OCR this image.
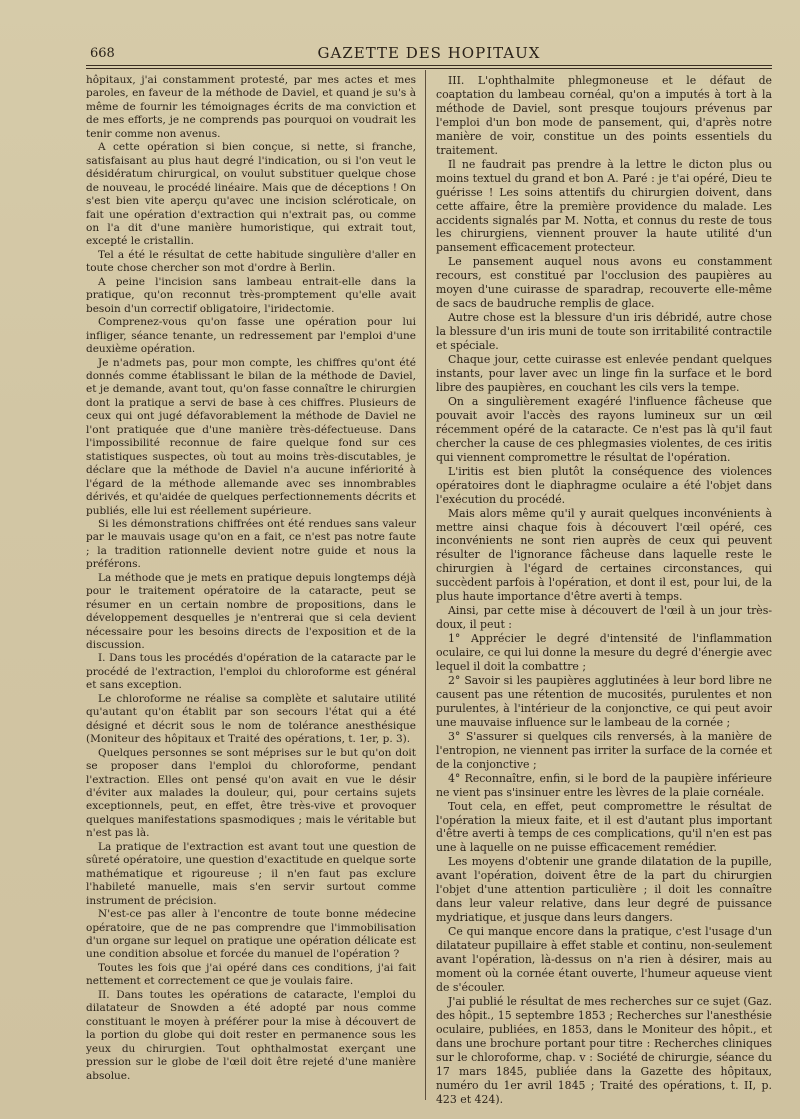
668	GAZETTE DES HOPITAUX

hôpitaux, j'ai constamment protesté, par mes actes et mes paroles, en faveur de la méthode de Daviel, et quand je su's à même de fournir les témoignages écrits de ma conviction et de mes efforts, je ne comprends pas pourquoi on voudrait les tenir comme non avenus.

A cette opération si bien conçue, si nette, si franche, satisfaisant au plus haut degré l'indication, ou si l'on veut le désidératum chirurgical, on voulut substituer quelque chose de nouveau, le procédé linéaire. Mais que de déceptions ! On s'est bien vite aperçu qu'avec une incision scléroticale, on fait une opération d'extraction qui n'extrait pas, ou comme on l'a dit d'une manière humoristique, qui extrait tout, excepté le cristallin.

Tel a été le résultat de cette habitude singulière d'aller en toute chose chercher son mot d'ordre à Berlin.

A peine l'incision sans lambeau entrait-elle dans la pratique, qu'on reconnut très-promptement qu'elle avait besoin d'un correctif obligatoire, l'iridectomie.

Comprenez-vous qu'on fasse une opération pour lui infliger, séance tenante, un redressement par l'emploi d'une deuxième opération.

Je n'admets pas, pour mon compte, les chiffres qu'ont été donnés comme établissant le bilan de la méthode de Daviel, et je demande, avant tout, qu'on fasse connaître le chirurgien dont la pratique a servi de base à ces chiffres. Plusieurs de ceux qui ont jugé défavorablement la méthode de Daviel ne l'ont pratiquée que d'une manière très-défectueuse. Dans l'impossibilité reconnue de faire quelque fond sur ces statistiques suspectes, où tout au moins très-discutables, je déclare que la méthode de Daviel n'a aucune infériorité à l'égard de la méthode allemande avec ses innombrables dérivés, et qu'aidée de quelques perfectionnements décrits et publiés, elle lui est réellement supérieure.

Si les démonstrations chiffrées ont été rendues sans valeur par le mauvais usage qu'on en a fait, ce n'est pas notre faute ; la tradition rationnelle devient notre guide et nous la préférons.

La méthode que je mets en pratique depuis longtemps déjà pour le traitement opératoire de la cataracte, peut se résumer en un certain nombre de propositions, dans le développement desquelles je n'entrerai que si cela devient nécessaire pour les besoins directs de l'exposition et de la discussion.

I. Dans tous les procédés d'opération de la cataracte par le procédé de l'extraction, l'emploi du chloroforme est général et sans exception.

Le chloroforme ne réalise sa complète et salutaire utilité qu'autant qu'on établit par son secours l'état qui a été désigné et décrit sous le nom de tolérance anesthésique (Moniteur des hôpitaux et Traité des opérations, t. 1er, p. 3).

Quelques personnes se sont méprises sur le but qu'on doit se proposer dans l'emploi du chloroforme, pendant l'extraction. Elles ont pensé qu'on avait en vue le désir d'éviter aux malades la douleur, qui, pour certains sujets exceptionnels, peut, en effet, être très-vive et provoquer quelques manifestations spasmodiques ; mais le véritable but n'est pas là.

La pratique de l'extraction est avant tout une question de sûreté opératoire, une question d'exactitude en quelque sorte mathématique et rigoureuse ; il n'en faut pas exclure l'habileté manuelle, mais s'en servir surtout comme instrument de précision.

N'est-ce pas aller à l'encontre de toute bonne médecine opératoire, que de ne pas comprendre que l'immobilisation d'un organe sur lequel on pratique une opération délicate est une condition absolue et forcée du manuel de l'opération ?

Toutes les fois que j'ai opéré dans ces conditions, j'ai fait nettement et correctement ce que je voulais faire.

II. Dans toutes les opérations de cataracte, l'emploi du dilatateur de Snowden a été adopté par nous comme constituant le moyen à préférer pour la mise à découvert de la portion du globe qui doit rester en permanence sous les yeux du chirurgien. Tout ophthalmostat exerçant une pression sur le globe de l'œil doit être rejeté d'une manière absolue.

III. L'ophthalmite phlegmoneuse et le défaut de coaptation du lambeau cornéal, qu'on a imputés à tort à la méthode de Daviel, sont presque toujours prévenus par l'emploi d'un bon mode de pansement, qui, d'après notre manière de voir, constitue un des points essentiels du traitement.

Il ne faudrait pas prendre à la lettre le dicton plus ou moins textuel du grand et bon A. Paré : je t'ai opéré, Dieu te guérisse ! Les soins attentifs du chirurgien doivent, dans cette affaire, être la première providence du malade. Les accidents signalés par M. Notta, et connus du reste de tous les chirurgiens, viennent prouver la haute utilité d'un pansement efficacement protecteur.

Le pansement auquel nous avons eu constamment recours, est constitué par l'occlusion des paupières au moyen d'une cuirasse de sparadrap, recouverte elle-même de sacs de baudruche remplis de glace.

Autre chose est la blessure d'un iris débridé, autre chose la blessure d'un iris muni de toute son irritabilité contractile et spéciale.

Chaque jour, cette cuirasse est enlevée pendant quelques instants, pour laver avec un linge fin la surface et le bord libre des paupières, en couchant les cils vers la tempe.

On a singulièrement exagéré l'influence fâcheuse que pouvait avoir l'accès des rayons lumineux sur un œil récemment opéré de la cataracte. Ce n'est pas là qu'il faut chercher la cause de ces phlegmasies violentes, de ces iritis qui viennent compromettre le résultat de l'opération.

L'iritis est bien plutôt la conséquence des violences opératoires dont le diaphragme oculaire a été l'objet dans l'exécution du procédé.

Mais alors même qu'il y aurait quelques inconvénients à mettre ainsi chaque fois à découvert l'œil opéré, ces inconvénients ne sont rien auprès de ceux qui peuvent résulter de l'ignorance fâcheuse dans laquelle reste le chirurgien à l'égard de certaines circonstances, qui succèdent parfois à l'opération, et dont il est, pour lui, de la plus haute importance d'être averti à temps.

Ainsi, par cette mise à découvert de l'œil à un jour très-doux, il peut :

1° Apprécier le degré d'intensité de l'inflammation oculaire, ce qui lui donne la mesure du degré d'énergie avec lequel il doit la combattre ;

2° Savoir si les paupières agglutinées à leur bord libre ne causent pas une rétention de mucosités, purulentes et non purulentes, à l'intérieur de la conjonctive, ce qui peut avoir une mauvaise influence sur le lambeau de la cornée ;

3° S'assurer si quelques cils renversés, à la manière de l'entropion, ne viennent pas irriter la surface de la cornée et de la conjonctive ;

4° Reconnaître, enfin, si le bord de la paupière inférieure ne vient pas s'insinuer entre les lèvres de la plaie cornéale.

Tout cela, en effet, peut compromettre le résultat de l'opération la mieux faite, et il est d'autant plus important d'être averti à temps de ces complications, qu'il n'en est pas une à laquelle on ne puisse efficacement remédier.

Les moyens d'obtenir une grande dilatation de la pupille, avant l'opération, doivent être de la part du chirurgien l'objet d'une attention particulière ; il doit les connaître dans leur valeur relative, dans leur degré de puissance mydriatique, et jusque dans leurs dangers.

Ce qui manque encore dans la pratique, c'est l'usage d'un dilatateur pupillaire à effet stable et continu, non-seulement avant l'opération, là-dessus on n'a rien à désirer, mais au moment où la cornée étant ouverte, l'humeur aqueuse vient de s'écouler.

J'ai publié le résultat de mes recherches sur ce sujet (Gaz. des hôpit., 15 septembre 1853 ; Recherches sur l'anesthésie oculaire, publiées, en 1853, dans le Moniteur des hôpit., et dans une brochure portant pour titre : Recherches cliniques sur le chloroforme, chap. v : Société de chirurgie, séance du 17 mars 1845, publiée dans la Gazette des hôpitaux, numéro du 1er avril 1845 ; Traité des opérations, t. II, p. 423 et 424).
